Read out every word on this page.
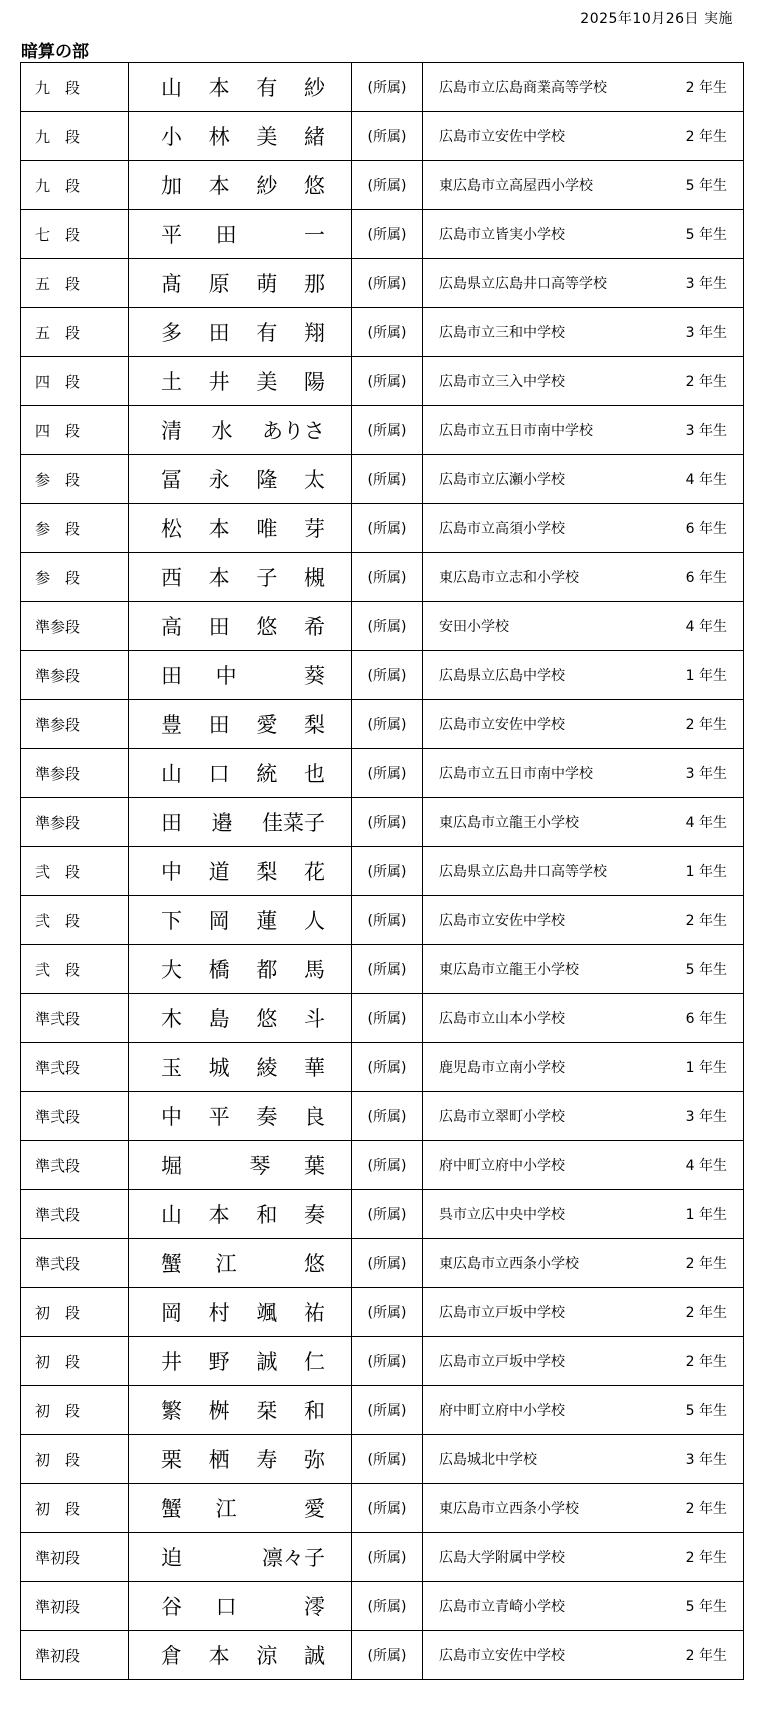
2025年10月26日 実施
暗算の部
九　段	山 本 有 紗	(所属)	広島市立広島商業高等学校 2 年生

九　段	小 林 美 緒	(所属)	広島市立安佐中学校 2 年生

九　段	加 本 紗 悠	(所属)	東広島市立高屋西小学校 5 年生

七　段	平 田 一	(所属)	広島市立皆実小学校 5 年生

五　段	髙 原 萌 那	(所属)	広島県立広島井口高等学校 3 年生

五　段	多 田 有 翔	(所属)	広島市立三和中学校 3 年生

四　段	土 井 美 陽	(所属)	広島市立三入中学校 2 年生

四　段	清 水 ありさ	(所属)	広島市立五日市南中学校 3 年生

参　段	冨 永 隆 太	(所属)	広島市立広瀬小学校 4 年生

参　段	松 本 唯 芽	(所属)	広島市立高須小学校 6 年生

参　段	西 本 子 槻	(所属)	東広島市立志和小学校 6 年生

準参段	高 田 悠 希	(所属)	安田小学校 4 年生

準参段	田 中 葵	(所属)	広島県立広島中学校 1 年生

準参段	豊 田 愛 梨	(所属)	広島市立安佐中学校 2 年生

準参段	山 口 統 也	(所属)	広島市立五日市南中学校 3 年生

準参段	田 邉 佳菜子	(所属)	東広島市立龍王小学校 4 年生

弐　段	中 道 梨 花	(所属)	広島県立広島井口高等学校 1 年生

弐　段	下 岡 蓮 人	(所属)	広島市立安佐中学校 2 年生

弐　段	大 橋 都 馬	(所属)	東広島市立龍王小学校 5 年生

準弐段	木 島 悠 斗	(所属)	広島市立山本小学校 6 年生

準弐段	玉 城 綾 華	(所属)	鹿児島市立南小学校 1 年生

準弐段	中 平 奏 良	(所属)	広島市立翠町小学校 3 年生

準弐段	堀 琴 葉	(所属)	府中町立府中小学校 4 年生

準弐段	山 本 和 奏	(所属)	呉市立広中央中学校 1 年生

準弐段	蟹 江 悠	(所属)	東広島市立西条小学校 2 年生

初　段	岡 村 颯 祐	(所属)	広島市立戸坂中学校 2 年生

初　段	井 野 誠 仁	(所属)	広島市立戸坂中学校 2 年生

初　段	繁 桝 栞 和	(所属)	府中町立府中小学校 5 年生

初　段	栗 栖 寿 弥	(所属)	広島城北中学校 3 年生

初　段	蟹 江 愛	(所属)	東広島市立西条小学校 2 年生

準初段	迫 凛々子	(所属)	広島大学附属中学校 2 年生

準初段	谷 口 澪	(所属)	広島市立青崎小学校 5 年生

準初段	倉 本 涼 誠	(所属)	広島市立安佐中学校 2 年生
